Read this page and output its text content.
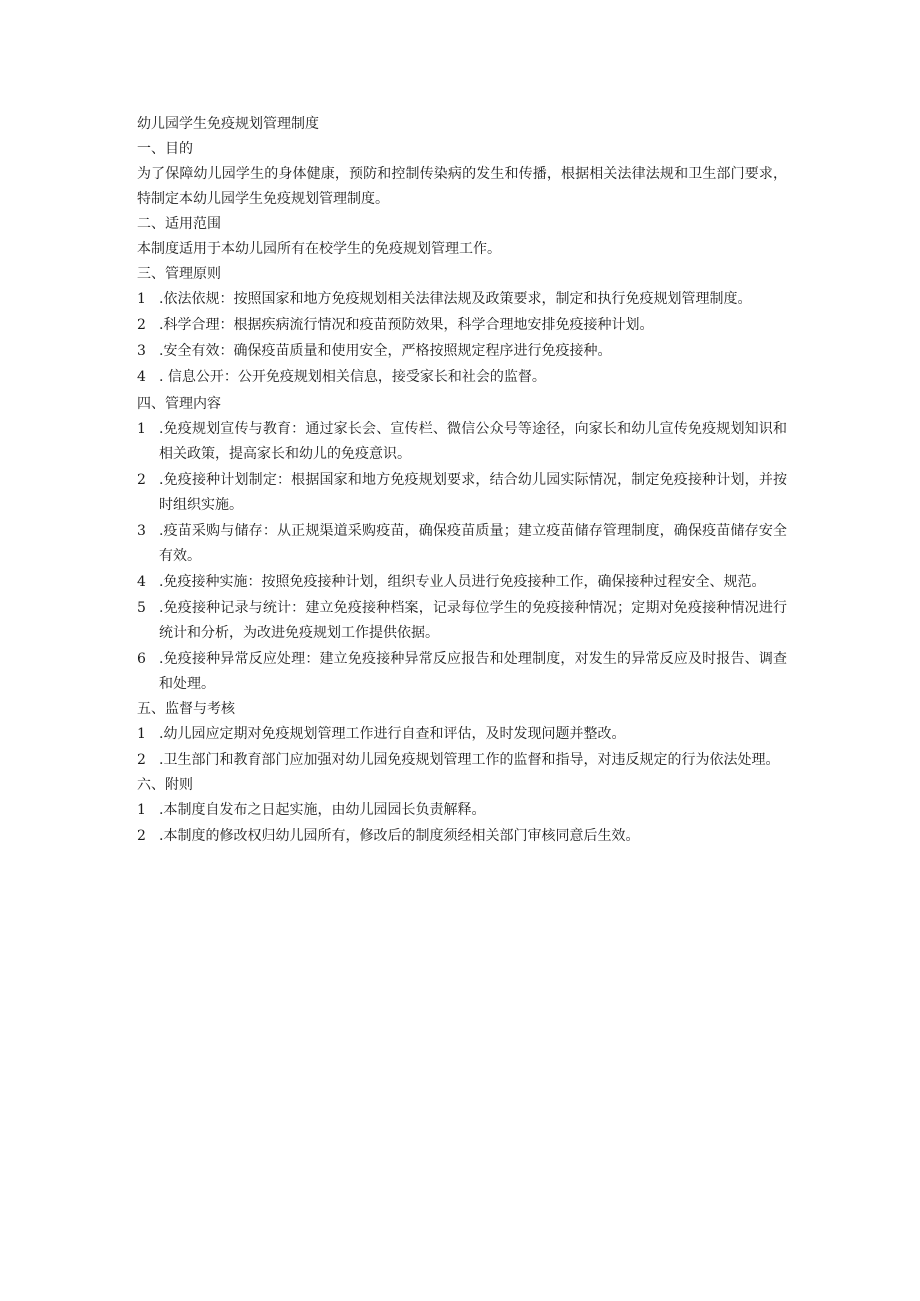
幼儿园学生免疫规划管理制度

一、目的

为了保障幼儿园学生的身体健康，预防和控制传染病的发生和传播，根据相关法律法规和卫生部门要求，特制定本幼儿园学生免疫规划管理制度。

二、适用范围

本制度适用于本幼儿园所有在校学生的免疫规划管理工作。

三、管理原则

1 .依法依规：按照国家和地方免疫规划相关法律法规及政策要求，制定和执行免疫规划管理制度。
2 .科学合理：根据疾病流行情况和疫苗预防效果，科学合理地安排免疫接种计划。
3 .安全有效：确保疫苗质量和使用安全，严格按照规定程序进行免疫接种。
4 . 信息公开：公开免疫规划相关信息，接受家长和社会的监督。

四、管理内容

1 .免疫规划宣传与教育：通过家长会、宣传栏、微信公众号等途径，向家长和幼儿宣传免疫规划知识和相关政策，提高家长和幼儿的免疫意识。
2 .免疫接种计划制定：根据国家和地方免疫规划要求，结合幼儿园实际情况，制定免疫接种计划，并按时组织实施。
3 .疫苗采购与储存：从正规渠道采购疫苗，确保疫苗质量；建立疫苗储存管理制度，确保疫苗储存安全有效。
4 .免疫接种实施：按照免疫接种计划，组织专业人员进行免疫接种工作，确保接种过程安全、规范。
5 .免疫接种记录与统计：建立免疫接种档案，记录每位学生的免疫接种情况；定期对免疫接种情况进行统计和分析，为改进免疫规划工作提供依据。
6 .免疫接种异常反应处理：建立免疫接种异常反应报告和处理制度，对发生的异常反应及时报告、调查和处理。

五、监督与考核

1 .幼儿园应定期对免疫规划管理工作进行自查和评估，及时发现问题并整改。
2 .卫生部门和教育部门应加强对幼儿园免疫规划管理工作的监督和指导，对违反规定的行为依法处理。

六、附则

1 .本制度自发布之日起实施，由幼儿园园长负责解释。
2 .本制度的修改权归幼儿园所有，修改后的制度须经相关部门审核同意后生效。
